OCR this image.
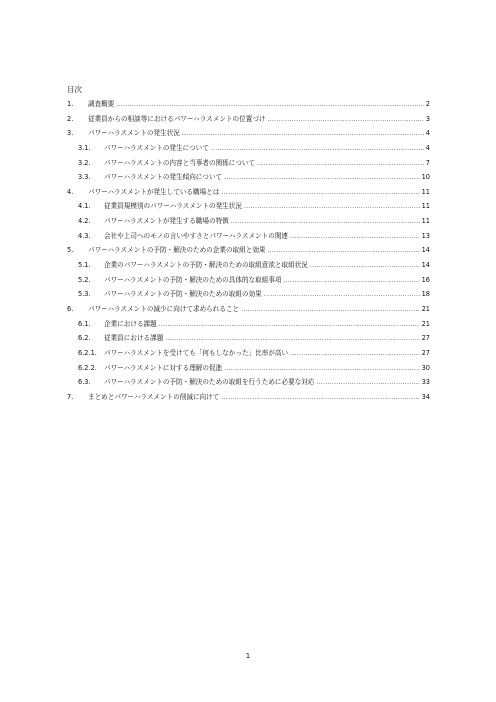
目次
1.	調査概要 .....	2
2.	従業員からの相談等におけるパワーハラスメントの位置づけ .....	3
3.	パワーハラスメントの発生状況 .....	4
3.1.	パワーハラスメントの発生について .....	4
3.2.	パワーハラスメントの内容と当事者の関係について .....	7
3.3.	パワーハラスメントの発生傾向について .....	10
4.	パワーハラスメントが発生している職場とは .....	11
4.1.	従業員規模別のパワーハラスメントの発生状況 .....	11
4.2.	パワーハラスメントが発生する職場の特徴 .....	11
4.3.	会社や上司へのモノの言いやすさとパワーハラスメントの関連 .....	13
5.	パワーハラスメントの予防・解決のための企業の取組と効果 .....	14
5.1.	企業のパワーハラスメントの予防・解決のための取組意欲と取組状況 .....	14
5.2.	パワーハラスメントの予防・解決のための具体的な取組事項 .....	16
5.3.	パワーハラスメントの予防・解決のための取組の効果 .....	18
6.	パワーハラスメントの減少に向けて求められること .....	21
6.1.	企業における課題 .....	21
6.2.	従業員における課題 .....	27
6.2.1.	パワーハラスメントを受けても「何もしなかった」比率が高い .....	27
6.2.2.	パワーハラスメントに対する理解の促進 .....	30
6.3.	パワーハラスメントの予防・解決のための取組を行うために必要な対応 .....	33
7.	まとめとパワーハラスメントの削減に向けて .....	34
1
